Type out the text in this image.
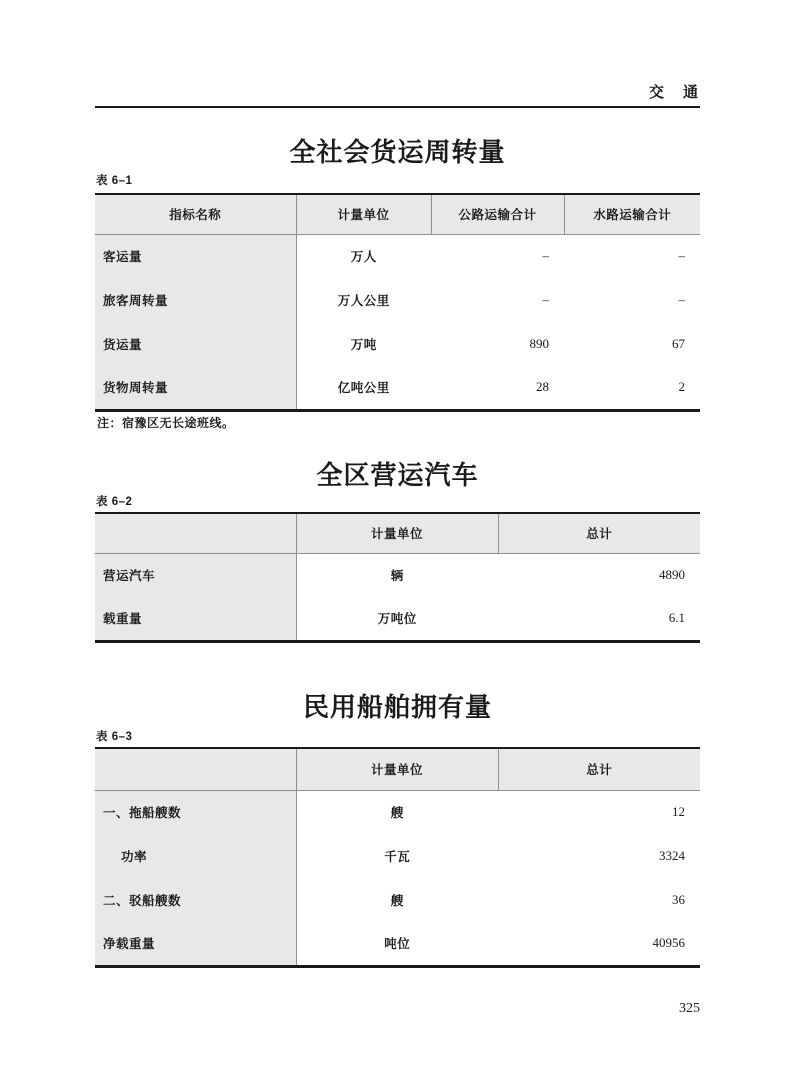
交　通
全社会货运周转量
表 6–1
指标名称	计量单位	公路运输合计	水路运输合计
客运量	万人	–	–
旅客周转量	万人公里	–	–
货运量	万吨	890	67
货物周转量	亿吨公里	28	2
注：宿豫区无长途班线。
全区营运汽车
表 6–2
	计量单位	总计
营运汽车	辆	4890
载重量	万吨位	6.1
民用船舶拥有量
表 6–3
	计量单位	总计
一、拖船艘数	艘	12
功率	千瓦	3324
二、驳船艘数	艘	36
净载重量	吨位	40956
325
